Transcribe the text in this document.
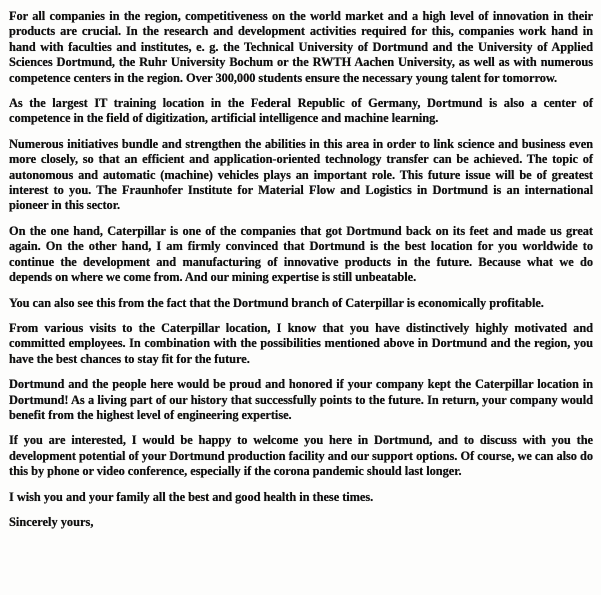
For all companies in the region, competitiveness on the world market and a high level of innovation in their products are crucial. In the research and development activities required for this, companies work hand in hand with faculties and institutes, e. g. the Technical University of Dortmund and the University of Applied Sciences Dortmund, the Ruhr University Bochum or the RWTH Aachen University, as well as with numerous competence centers in the region. Over 300,000 students ensure the necessary young talent for tomorrow.

As the largest IT training location in the Federal Republic of Germany, Dortmund is also a center of competence in the field of digitization, artificial intelligence and machine learning.

Numerous initiatives bundle and strengthen the abilities in this area in order to link science and business even more closely, so that an efficient and application-oriented technology transfer can be achieved. The topic of autonomous and automatic (machine) vehicles plays an important role. This future issue will be of greatest interest to you. The Fraunhofer Institute for Material Flow and Logistics in Dortmund is an international pioneer in this sector.

On the one hand, Caterpillar is one of the companies that got Dortmund back on its feet and made us great again. On the other hand, I am firmly convinced that Dortmund is the best location for you worldwide to continue the development and manufacturing of innovative products in the future. Because what we do depends on where we come from. And our mining expertise is still unbeatable.

You can also see this from the fact that the Dortmund branch of Caterpillar is economically profitable.

From various visits to the Caterpillar location, I know that you have distinctively highly motivated and committed employees. In combination with the possibilities mentioned above in Dortmund and the region, you have the best chances to stay fit for the future.

Dortmund and the people here would be proud and honored if your company kept the Caterpillar location in Dortmund! As a living part of our history that successfully points to the future. In return, your company would benefit from the highest level of engineering expertise.

If you are interested, I would be happy to welcome you here in Dortmund, and to discuss with you the development potential of your Dortmund production facility and our support options. Of course, we can also do this by phone or video conference, especially if the corona pandemic should last longer.

I wish you and your family all the best and good health in these times.

Sincerely yours,
